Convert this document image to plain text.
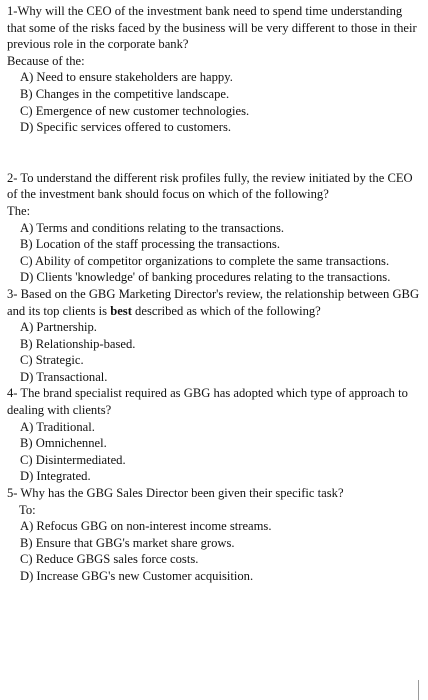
1-Why will the CEO of the investment bank need to spend time understanding that some of the risks faced by the business will be very different to those in their previous role in the corporate bank?

Because of the:

A) Need to ensure stakeholders are happy.
B) Changes in the competitive landscape.
C) Emergence of new customer technologies.
D) Specific services offered to customers.

2- To understand the different risk profiles fully, the review initiated by the CEO of the investment bank should focus on which of the following?

The:

A) Terms and conditions relating to the transactions.
B) Location of the staff processing the transactions.
C) Ability of competitor organizations to complete the same transactions.
D) Clients 'knowledge' of banking procedures relating to the transactions.

3- Based on the GBG Marketing Director's review, the relationship between GBG and its top clients is best described as which of the following?

A) Partnership.
B) Relationship-based.
C) Strategic.
D) Transactional.

4- The brand specialist required as GBG has adopted which type of approach to dealing with clients?

A) Traditional.
B) Omnichennel.
C) Disintermediated.
D) Integrated.

5- Why has the GBG Sales Director been given their specific task?

To:

A) Refocus GBG on non-interest income streams.
B) Ensure that GBG's market share grows.
C) Reduce GBGS sales force costs.
D) Increase GBG's new Customer acquisition.
